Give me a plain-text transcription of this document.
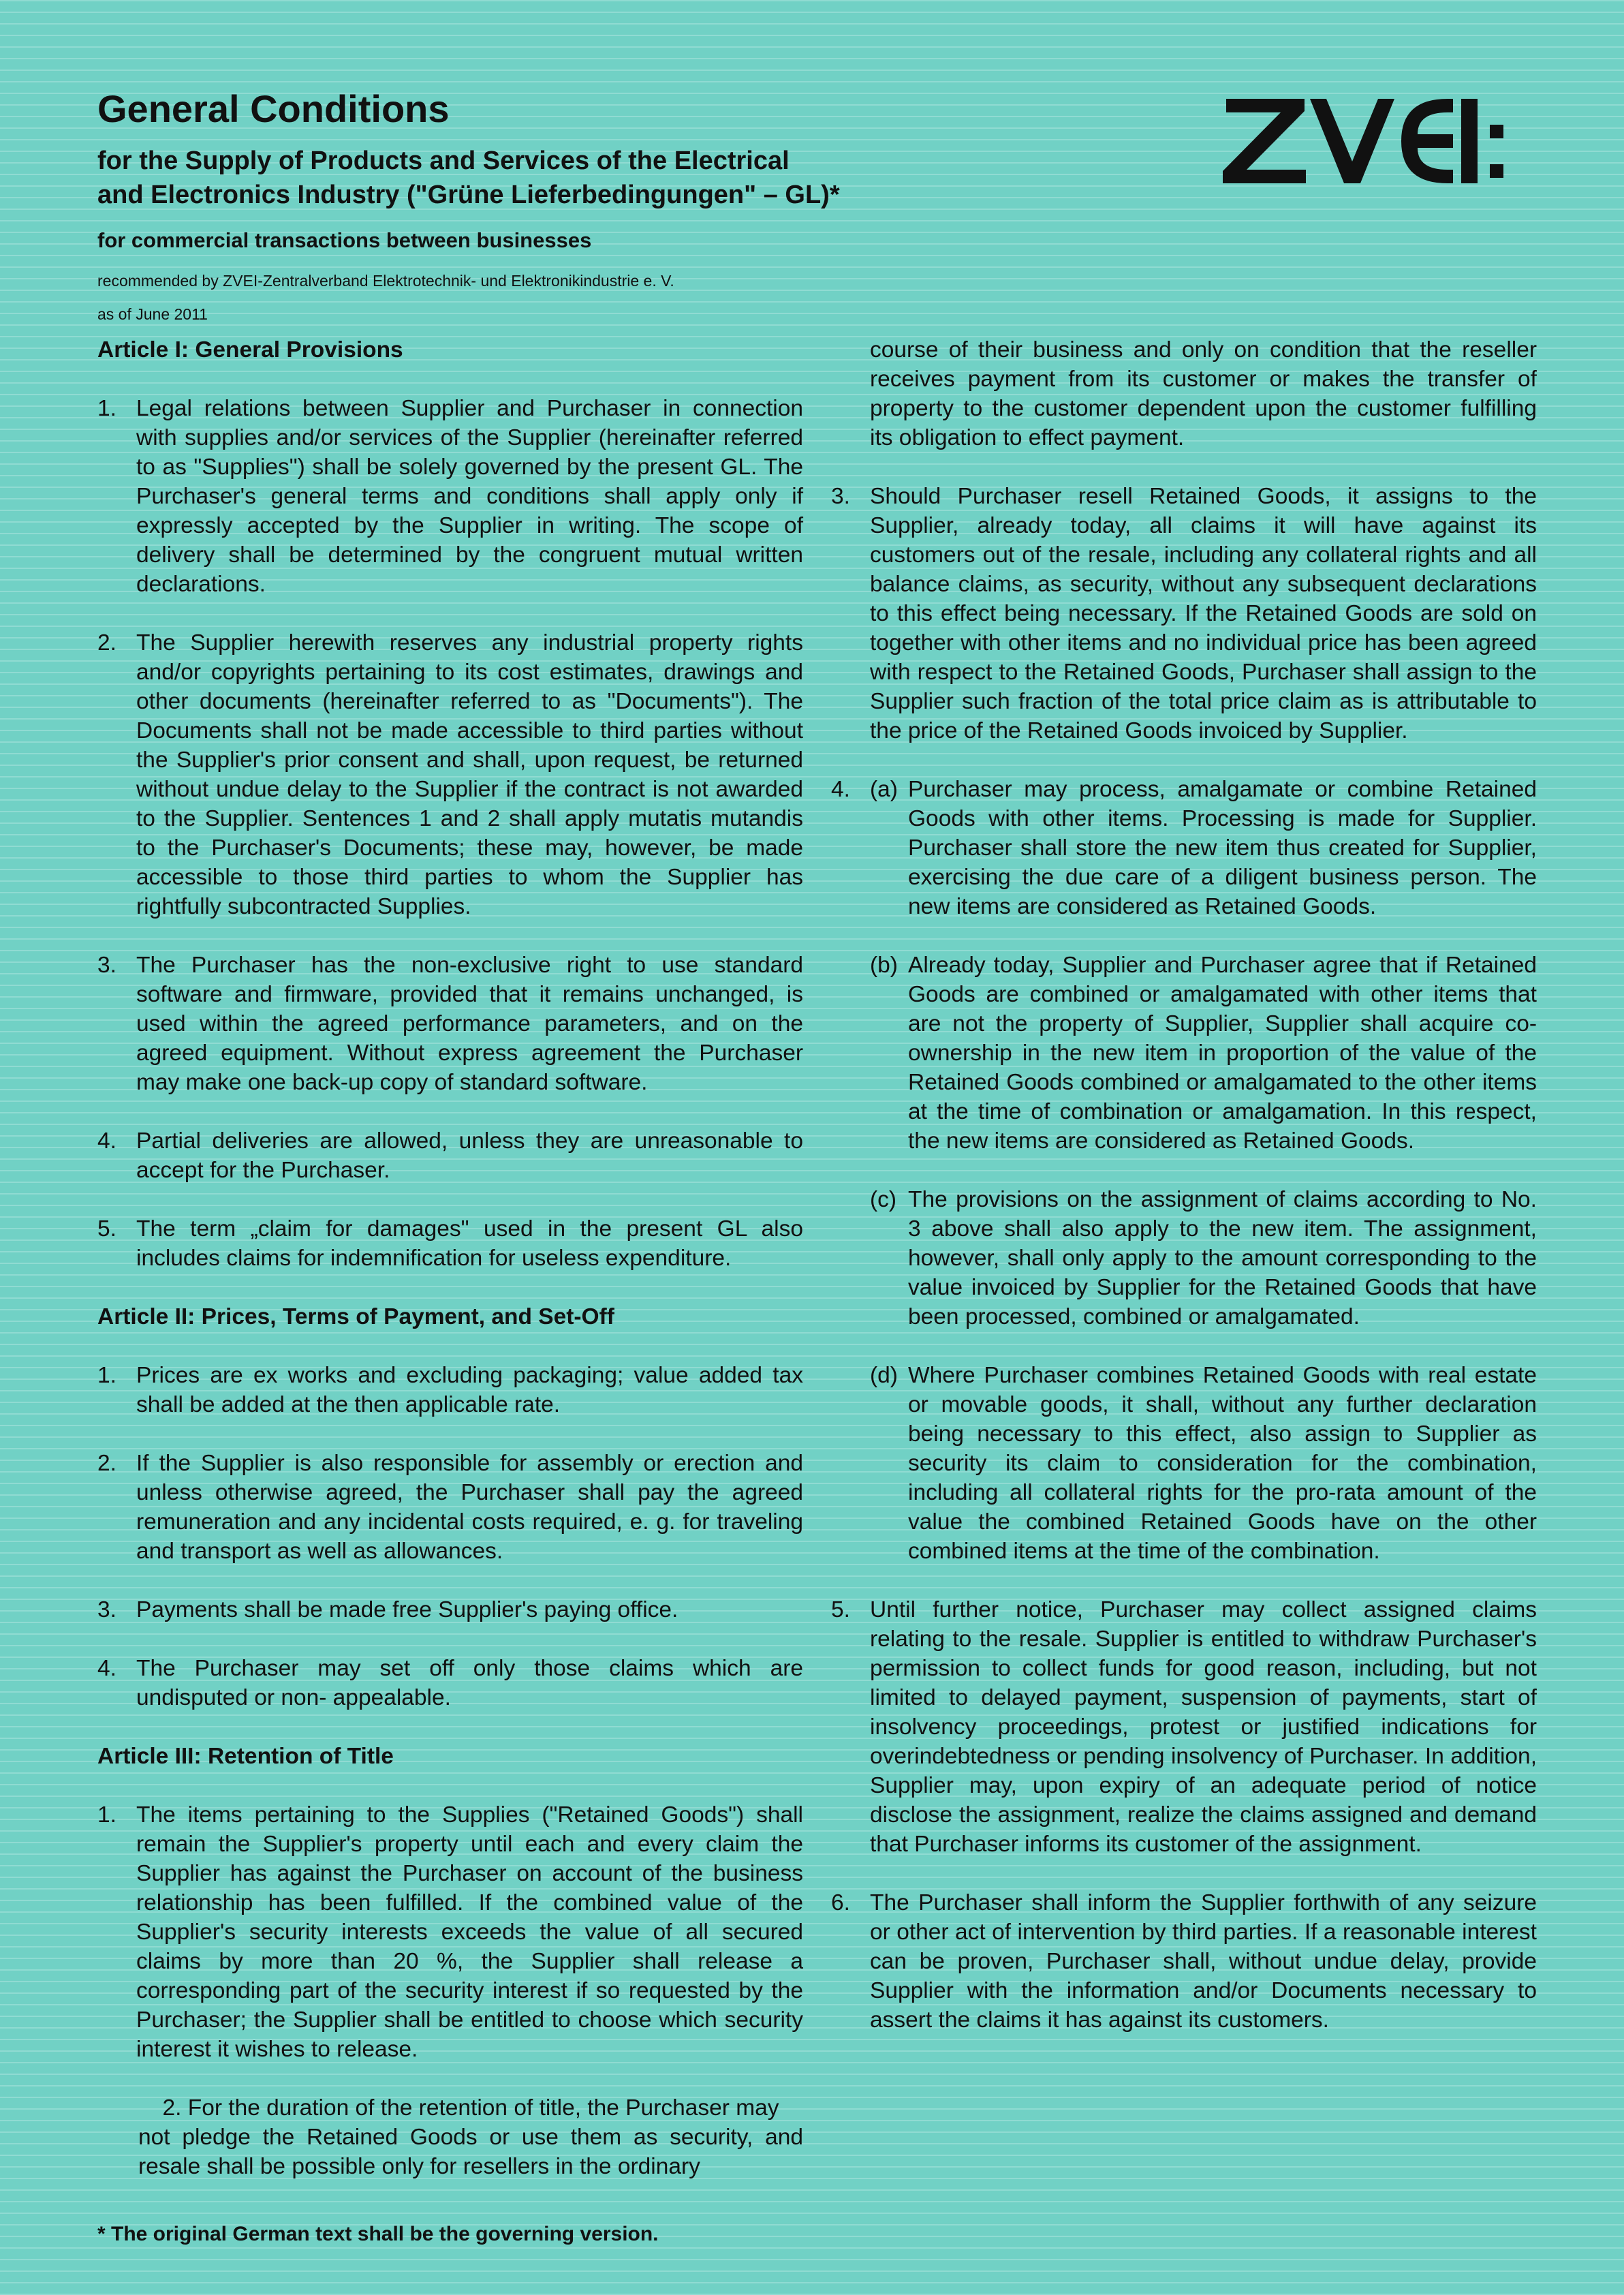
General Conditions
for the Supply of Products and Services of the Electrical
and Electronics Industry ("Grüne Lieferbedingungen" – GL)*
for commercial transactions between businesses
recommended by ZVEI-Zentralverband Elektrotechnik- und Elektronikindustrie e. V.
as of June 2011
Article I: General Provisions
1. Legal relations between Supplier and Purchaser in connection with supplies and/or services of the Supplier (hereinafter referred to as "Supplies") shall be solely governed by the present GL. The Purchaser's general terms and conditions shall apply only if expressly accepted by the Supplier in writing. The scope of delivery shall be determined by the congruent mutual written declarations.
2. The Supplier herewith reserves any industrial property rights and/or copyrights pertaining to its cost estimates, drawings and other documents (hereinafter referred to as "Documents"). The Documents shall not be made accessible to third parties without the Supplier's prior consent and shall, upon request, be returned without undue delay to the Supplier if the contract is not awarded to the Supplier. Sentences 1 and 2 shall apply mutatis mutandis to the Purchaser's Documents; these may, however, be made accessible to those third parties to whom the Supplier has rightfully subcontracted Supplies.
3. The Purchaser has the non-exclusive right to use standard software and firmware, provided that it remains unchanged, is used within the agreed performance parameters, and on the agreed equipment. Without express agreement the Purchaser may make one back-up copy of standard software.
4. Partial deliveries are allowed, unless they are unreasonable to accept for the Purchaser.
5. The term „claim for damages" used in the present GL also includes claims for indemnification for useless expenditure.
Article II: Prices, Terms of Payment, and Set-Off
1. Prices are ex works and excluding packaging; value added tax shall be added at the then applicable rate.
2. If the Supplier is also responsible for assembly or erection and unless otherwise agreed, the Purchaser shall pay the agreed remuneration and any incidental costs required, e. g. for traveling and transport as well as allowances.
3. Payments shall be made free Supplier's paying office.
4. The Purchaser may set off only those claims which are undisputed or non- appealable.
Article III: Retention of Title
1. The items pertaining to the Supplies ("Retained Goods") shall remain the Supplier's property until each and every claim the Supplier has against the Purchaser on account of the business relationship has been fulfilled. If the combined value of the Supplier's security interests exceeds the value of all secured claims by more than 20 %, the Supplier shall release a corresponding part of the security interest if so requested by the Purchaser; the Supplier shall be entitled to choose which security interest it wishes to release.
2. For the duration of the retention of title, the Purchaser may
not pledge the Retained Goods or use them as security, and resale shall be possible only for resellers in the ordinary
course of their business and only on condition that the reseller receives payment from its customer or makes the transfer of property to the customer dependent upon the customer fulfilling its obligation to effect payment.
3. Should Purchaser resell Retained Goods, it assigns to the Supplier, already today, all claims it will have against its customers out of the resale, including any collateral rights and all balance claims, as security, without any subsequent declarations to this effect being necessary. If the Retained Goods are sold on together with other items and no individual price has been agreed with respect to the Retained Goods, Purchaser shall assign to the Supplier such fraction of the total price claim as is attributable to the price of the Retained Goods invoiced by Supplier.
4. (a) Purchaser may process, amalgamate or combine Retained Goods with other items. Processing is made for Supplier. Purchaser shall store the new item thus created for Supplier, exercising the due care of a diligent business person. The new items are considered as Retained Goods.
(b) Already today, Supplier and Purchaser agree that if Retained Goods are combined or amalgamated with other items that are not the property of Supplier, Supplier shall acquire co-ownership in the new item in proportion of the value of the Retained Goods combined or amalgamated to the other items at the time of combination or amalgamation. In this respect, the new items are considered as Retained Goods.
(c) The provisions on the assignment of claims according to No. 3 above shall also apply to the new item. The assignment, however, shall only apply to the amount corresponding to the value invoiced by Supplier for the Retained Goods that have been processed, combined or amalgamated.
(d) Where Purchaser combines Retained Goods with real estate or movable goods, it shall, without any further declaration being necessary to this effect, also assign to Supplier as security its claim to consideration for the combination, including all collateral rights for the pro-rata amount of the value the combined Retained Goods have on the other combined items at the time of the combination.
5. Until further notice, Purchaser may collect assigned claims relating to the resale. Supplier is entitled to withdraw Purchaser's permission to collect funds for good reason, including, but not limited to delayed payment, suspension of payments, start of insolvency proceedings, protest or justified indications for overindebtedness or pending insolvency of Purchaser. In addition, Supplier may, upon expiry of an adequate period of notice disclose the assignment, realize the claims assigned and demand that Purchaser informs its customer of the assignment.
6. The Purchaser shall inform the Supplier forthwith of any seizure or other act of intervention by third parties. If a reasonable interest can be proven, Purchaser shall, without undue delay, provide Supplier with the information and/or Documents necessary to assert the claims it has against its customers.
* The original German text shall be the governing version.
